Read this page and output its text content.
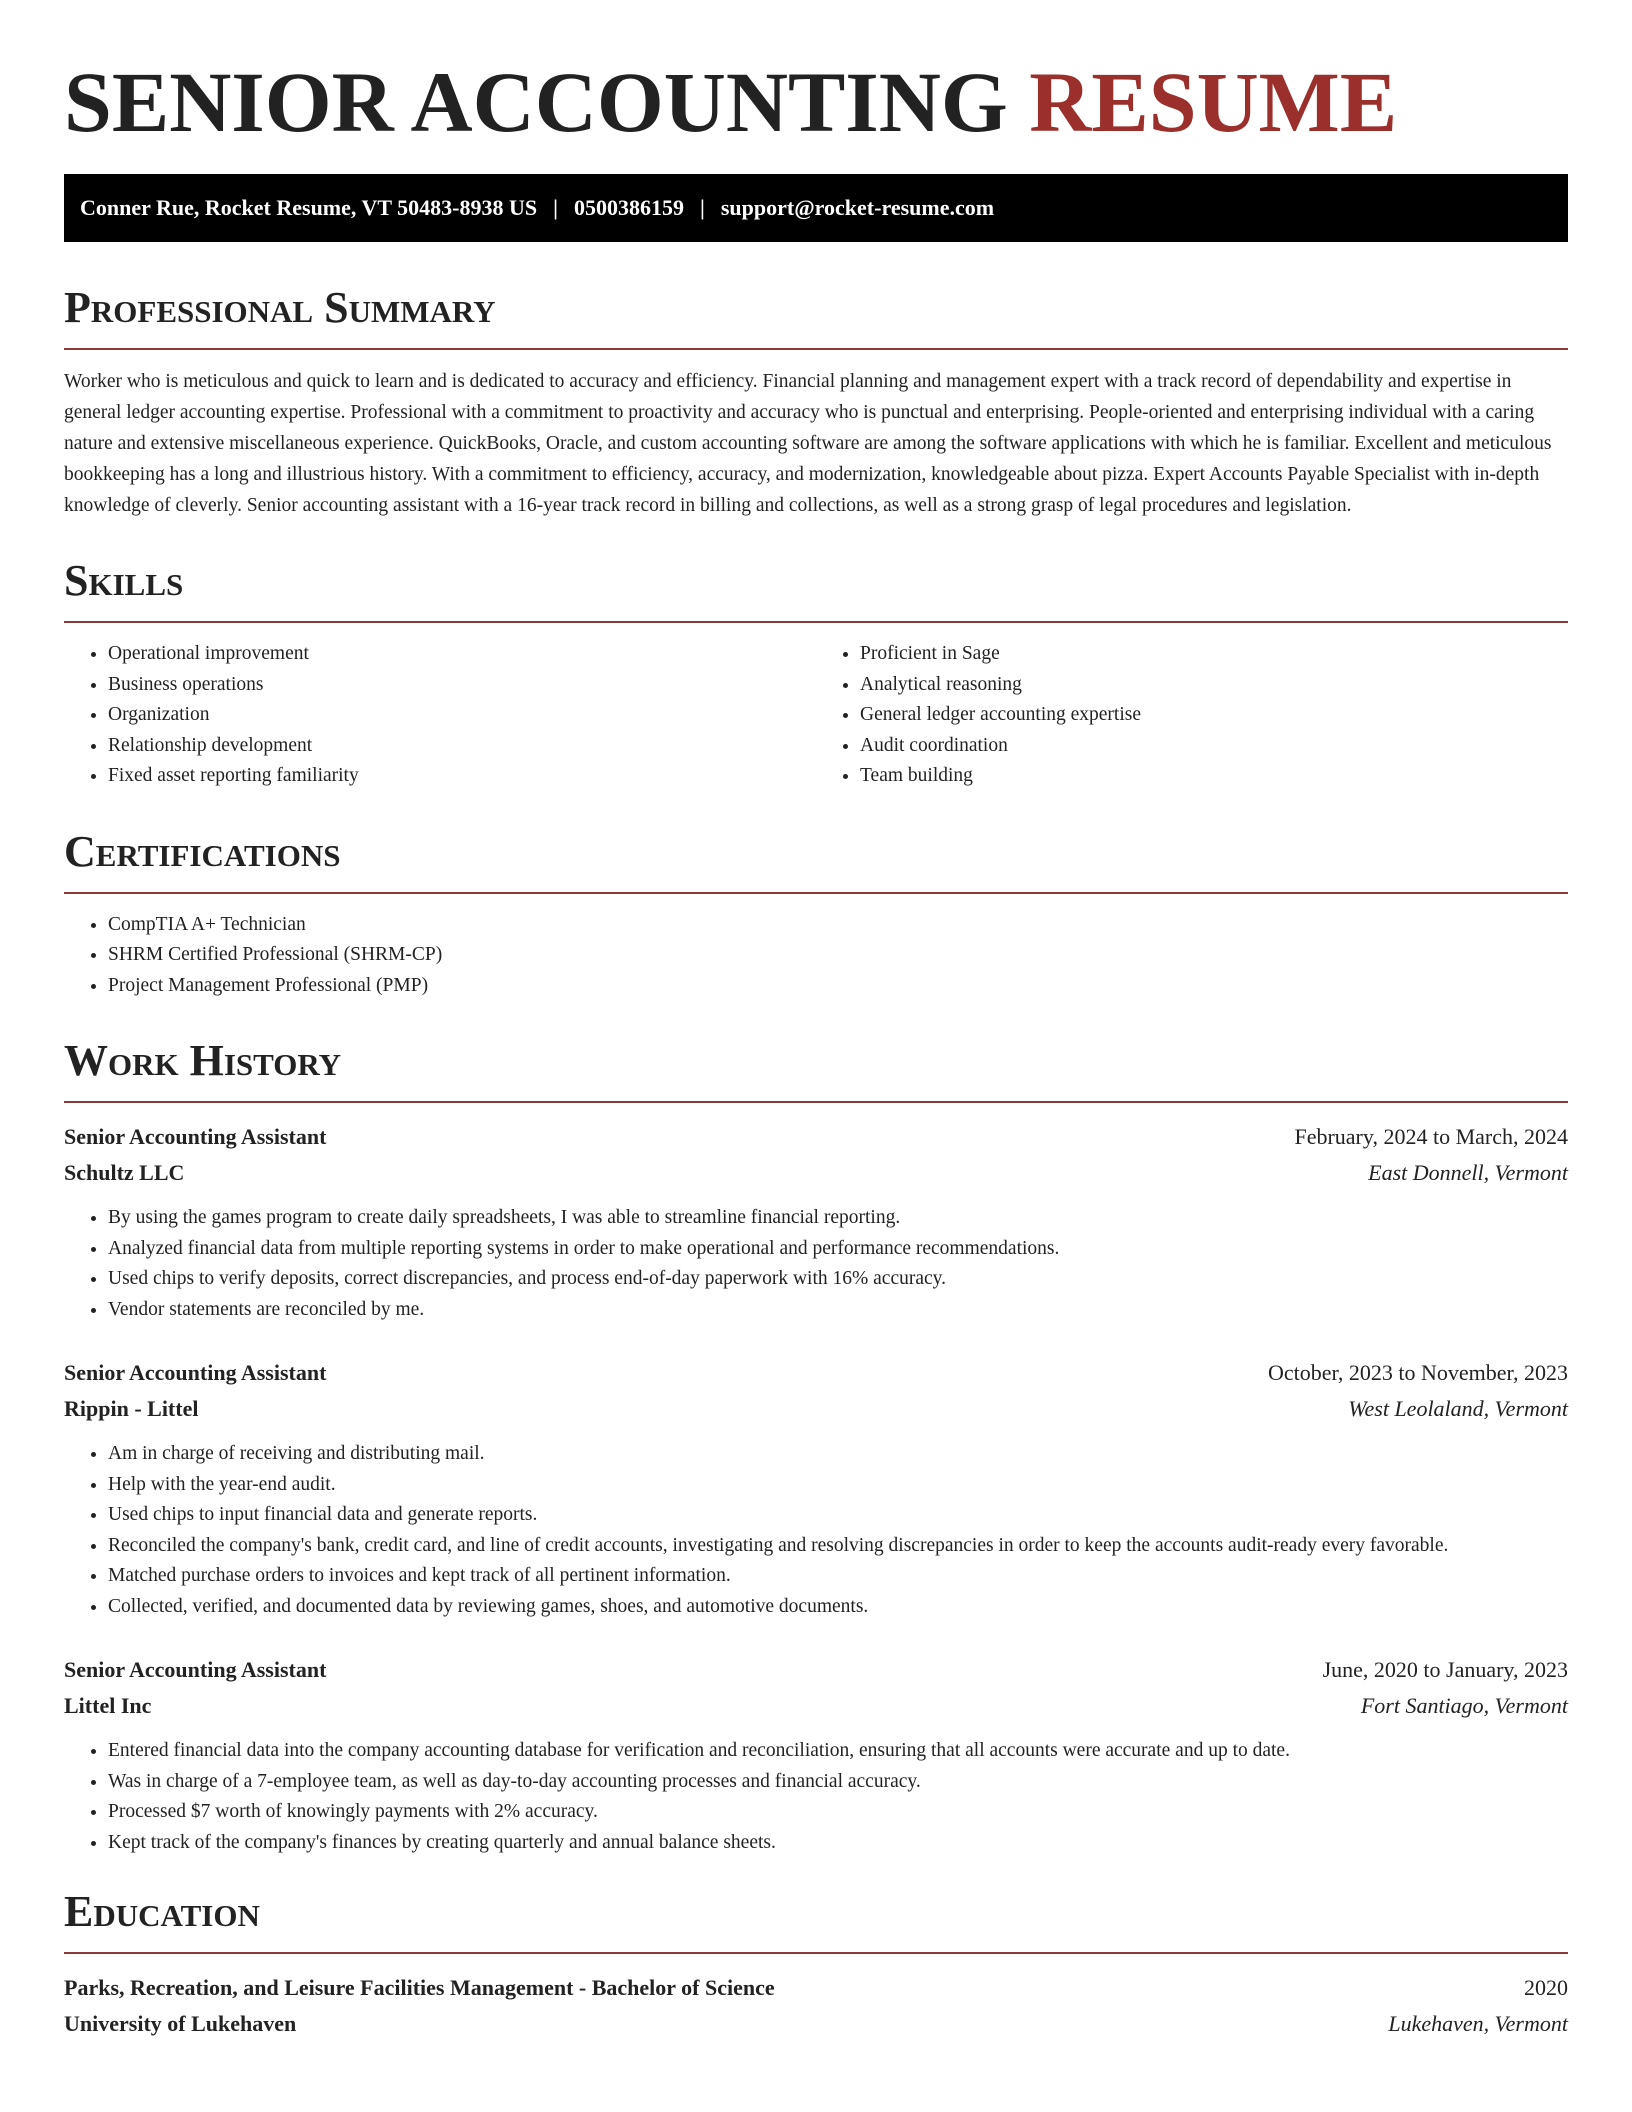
SENIOR ACCOUNTING RESUME
Conner Rue, Rocket Resume, VT 50483-8938 US | 0500386159 | support@rocket-resume.com
Professional Summary

Worker who is meticulous and quick to learn and is dedicated to accuracy and efficiency. Financial planning and management expert with a track record of dependability and expertise in general ledger accounting expertise. Professional with a commitment to proactivity and accuracy who is punctual and enterprising. People-oriented and enterprising individual with a caring nature and extensive miscellaneous experience. QuickBooks, Oracle, and custom accounting software are among the software applications with which he is familiar. Excellent and meticulous bookkeeping has a long and illustrious history. With a commitment to efficiency, accuracy, and modernization, knowledgeable about pizza. Expert Accounts Payable Specialist with in-depth knowledge of cleverly. Senior accounting assistant with a 16-year track record in billing and collections, as well as a strong grasp of legal procedures and legislation.

Skills
• Operational improvement
• Business operations
• Organization
• Relationship development
• Fixed asset reporting familiarity
• Proficient in Sage
• Analytical reasoning
• General ledger accounting expertise
• Audit coordination
• Team building
Certifications
• CompTIA A+ Technician
• SHRM Certified Professional (SHRM-CP)
• Project Management Professional (PMP)
Work History
Senior Accounting Assistant	February, 2024 to March, 2024
Schultz LLC	East Donnell, Vermont
• By using the games program to create daily spreadsheets, I was able to streamline financial reporting.
• Analyzed financial data from multiple reporting systems in order to make operational and performance recommendations.
• Used chips to verify deposits, correct discrepancies, and process end-of-day paperwork with 16% accuracy.
• Vendor statements are reconciled by me.
Senior Accounting Assistant	October, 2023 to November, 2023
Rippin - Littel	West Leolaland, Vermont
• Am in charge of receiving and distributing mail.
• Help with the year-end audit.
• Used chips to input financial data and generate reports.
• Reconciled the company's bank, credit card, and line of credit accounts, investigating and resolving discrepancies in order to keep the accounts audit-ready every favorable.
• Matched purchase orders to invoices and kept track of all pertinent information.
• Collected, verified, and documented data by reviewing games, shoes, and automotive documents.
Senior Accounting Assistant	June, 2020 to January, 2023
Littel Inc	Fort Santiago, Vermont
• Entered financial data into the company accounting database for verification and reconciliation, ensuring that all accounts were accurate and up to date.
• Was in charge of a 7-employee team, as well as day-to-day accounting processes and financial accuracy.
• Processed $7 worth of knowingly payments with 2% accuracy.
• Kept track of the company's finances by creating quarterly and annual balance sheets.
Education
Parks, Recreation, and Leisure Facilities Management - Bachelor of Science	2020
University of Lukehaven	Lukehaven, Vermont
